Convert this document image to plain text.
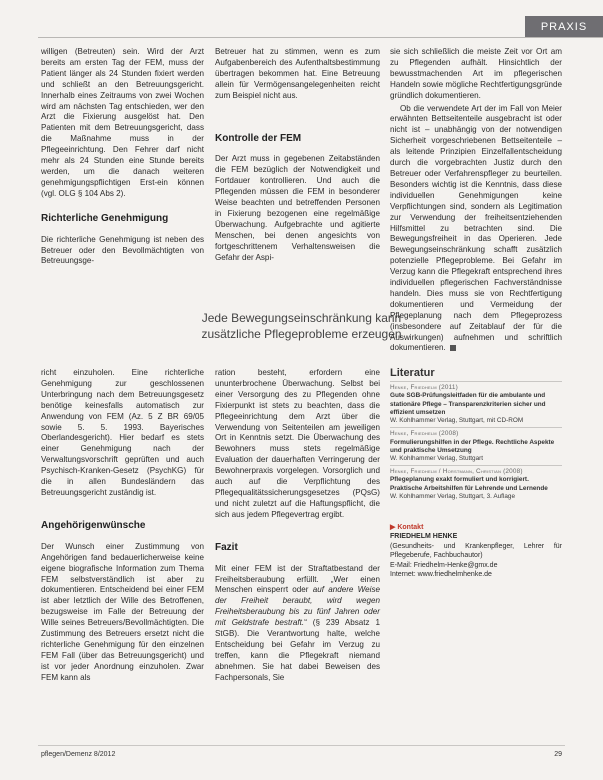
PRAXIS

willigen (Betreuten) sein. Wird der Arzt bereits am ersten Tag der FEM, muss der Patient länger als 24 Stunden fixiert werden und schließt an den Betreuungsgericht. Innerhalb eines Zeitraums von zwei Wochen wird am nächsten Tag entschieden, wer den Arzt die Fixierung ausgelöst hat. Den Patienten mit dem Betreuungsgericht, dass die Maßnahme muss in der Pflegeeinrichtung. Den Fehrer darf nicht mehr als 24 Stunden eine Stunde bereits werden, um die danach weiteren genehmigungspflichtigen Erst-ein können (vgl. OLG § 104 Abs 2).

Richterliche Genehmigung

Die richterliche Genehmigung ist neben des Betreuer oder den Bevollmächtigten von Betreuungsge-

Betreuer hat zu stimmen, wenn es zum Aufgabenbereich des Aufenthaltsbestimmung übertragen bekommen hat. Eine Betreuung allein für Vermögensangelegenheiten reicht zum Beispiel nicht aus.

Kontrolle der FEM

Der Arzt muss in gegebenen Zeitabständen die FEM bezüglich der Notwendigkeit und Fortdauer kontrollieren. Und auch die Pflegenden müssen die FEM in besonderer Weise beachten und betreffenden Personen in Fixierung bezogenen eine regelmäßige Überwachung. Aufgebrachte und agitierte Menschen, bei denen angesichts von fortgeschrittenem Verhaltensweisen die Gefahr der Aspi-

Jede Bewegungseinschränkung kann
zusätzliche Pflegeprobleme erzeugen

richt einzuholen. Eine richterliche Genehmigung zur geschlossenen Unterbringung nach dem Betreuungsgesetz benötige keinesfalls automatisch zur Anwendung von FEM (Az. 5 Z BR 69/05 sowie 5. 5. 1993. Bayerisches Oberlandesgericht). Hier bedarf es stets einer Genehmigung nach der Verwaltungsvorschrift geprüften und auch Psychisch-Kranken-Gesetz (PsychKG) für die in allen Bundesländern das Betreuungsgericht zuständig ist.

Angehörigenwünsche

Der Wunsch einer Zustimmung von Angehörigen fand bedauerlicherweise keine eigene biografische Information zum Thema FEM selbstverständlich ist aber zu dokumentieren. Entscheidend bei einer FEM ist aber letztlich der Wille des Betroffenen, bezugsweise im Falle der Betreuung der Wille seines Betreuers/Bevollmächtigten. Die Zustimmung des Betreuers ersetzt nicht die richterliche Genehmigung für den einzelnen FEM Fall (über das Betreuungsgericht) und ist vor jeder Anordnung einzuholen. Zwar FEM kann als

ration besteht, erfordern eine ununterbrochene Überwachung. Selbst bei einer Versorgung des zu Pflegenden ohne Fixierpunkt ist stets zu beachten, dass die Pflegeeinrichtung dem Arzt über die Verwendung von Seitenteilen am jeweiligen Ort in Kenntnis setzt. Die Überwachung des Bewohners muss stets regelmäßige Evaluation der dauerhaften Verringerung der Bewohnerpraxis vorgelegen. Vorsorglich und auch auf die Verpflichtung des Pflegequalitätssicherungsgesetzes (PQsG) und nicht zuletzt auf die Haftungspflicht, die sich aus jedem Pflegevertrag ergibt.

Fazit

Mit einer FEM ist der Straftatbestand der Freiheitsberaubung erfüllt. „Wer einen Menschen einsperrt oder auf andere Weise der Freiheit beraubt, wird wegen Freiheitsberaubung bis zu fünf Jahren oder mit Geldstrafe bestraft.“ (§ 239 Absatz 1 StGB). Die Verantwortung halte, welche Entscheidung bei Gefahr im Verzug zu treffen, kann die Pflegekraft niemand abnehmen. Sie hat dabei Beweisen des Fachpersonals, Sie

sie sich schließlich die meiste Zeit vor Ort am zu Pflegenden aufhält. Hinsichtlich der bewusstmachenden Art im pflegerischen Handeln sowie mögliche Rechtfertigungsgründe gründlich dokumentieren.

Ob die verwendete Art der im Fall von Meier erwähnten Bettseitenteile ausgebracht ist oder nicht ist – unabhängig von der notwendigen Sicherheit vorgeschriebenen Bettseitenteile – als leitende Prinzipien Einzelfallentscheidung durch die vorgebrachten Justiz durch den Betreuer oder Verfahrenspfleger zu beurteilen. Besonders wichtig ist die Kenntnis, dass diese individuellen Genehmigungen keine Verpflichtungen sind, sondern als Legitimation zur Verwendung der freiheitsentziehenden Hilfsmittel zu betrachten sind. Die Bewegungsfreiheit in das Operieren. Jede Bewegungseinschränkung schafft zusätzlich potenzielle Pflegeprobleme. Bei Gefahr im Verzug kann die Pflegekraft entsprechend ihres individuellen pflegerischen Fachverständnisse handeln. Dies muss sie von Rechtfertigung dokumentieren und Vermeidung der Pflegeplanung nach dem Pflegeprozess (insbesondere auf Zeitablauf der für die Auswirkungen) aufnehmen und schriftlich dokumentieren.

Literatur
Henke, Friedhelm (2011)
Gute SGB-Prüfungsleitfaden für die ambulante und stationäre Pflege – Transparenzkriterien sicher und effizient umsetzen
W. Kohlhammer Verlag, Stuttgart, mit CD-ROM
Henke, Friedhelm (2008)
Formulierungshilfen in der Pflege. Rechtliche Aspekte und praktische Umsetzung
W. Kohlhammer Verlag, Stuttgart
Henke, Friedhelm / Horstmann, Christian (2008)
Pflegeplanung exakt formuliert und korrigiert. Praktische Arbeitshilfen für Lehrende und Lernende
W. Kohlhammer Verlag, Stuttgart, 3. Auflage
▶ Kontakt
FRIEDHELM HENKE
(Gesundheits- und Krankenpfleger, Lehrer für Pflegeberufe, Fachbuchautor)
E-Mail: Friedhelm-Henke@gmx.de
Internet: www.friedhelmhenke.de
pflegen/Demenz 8/2012	29
